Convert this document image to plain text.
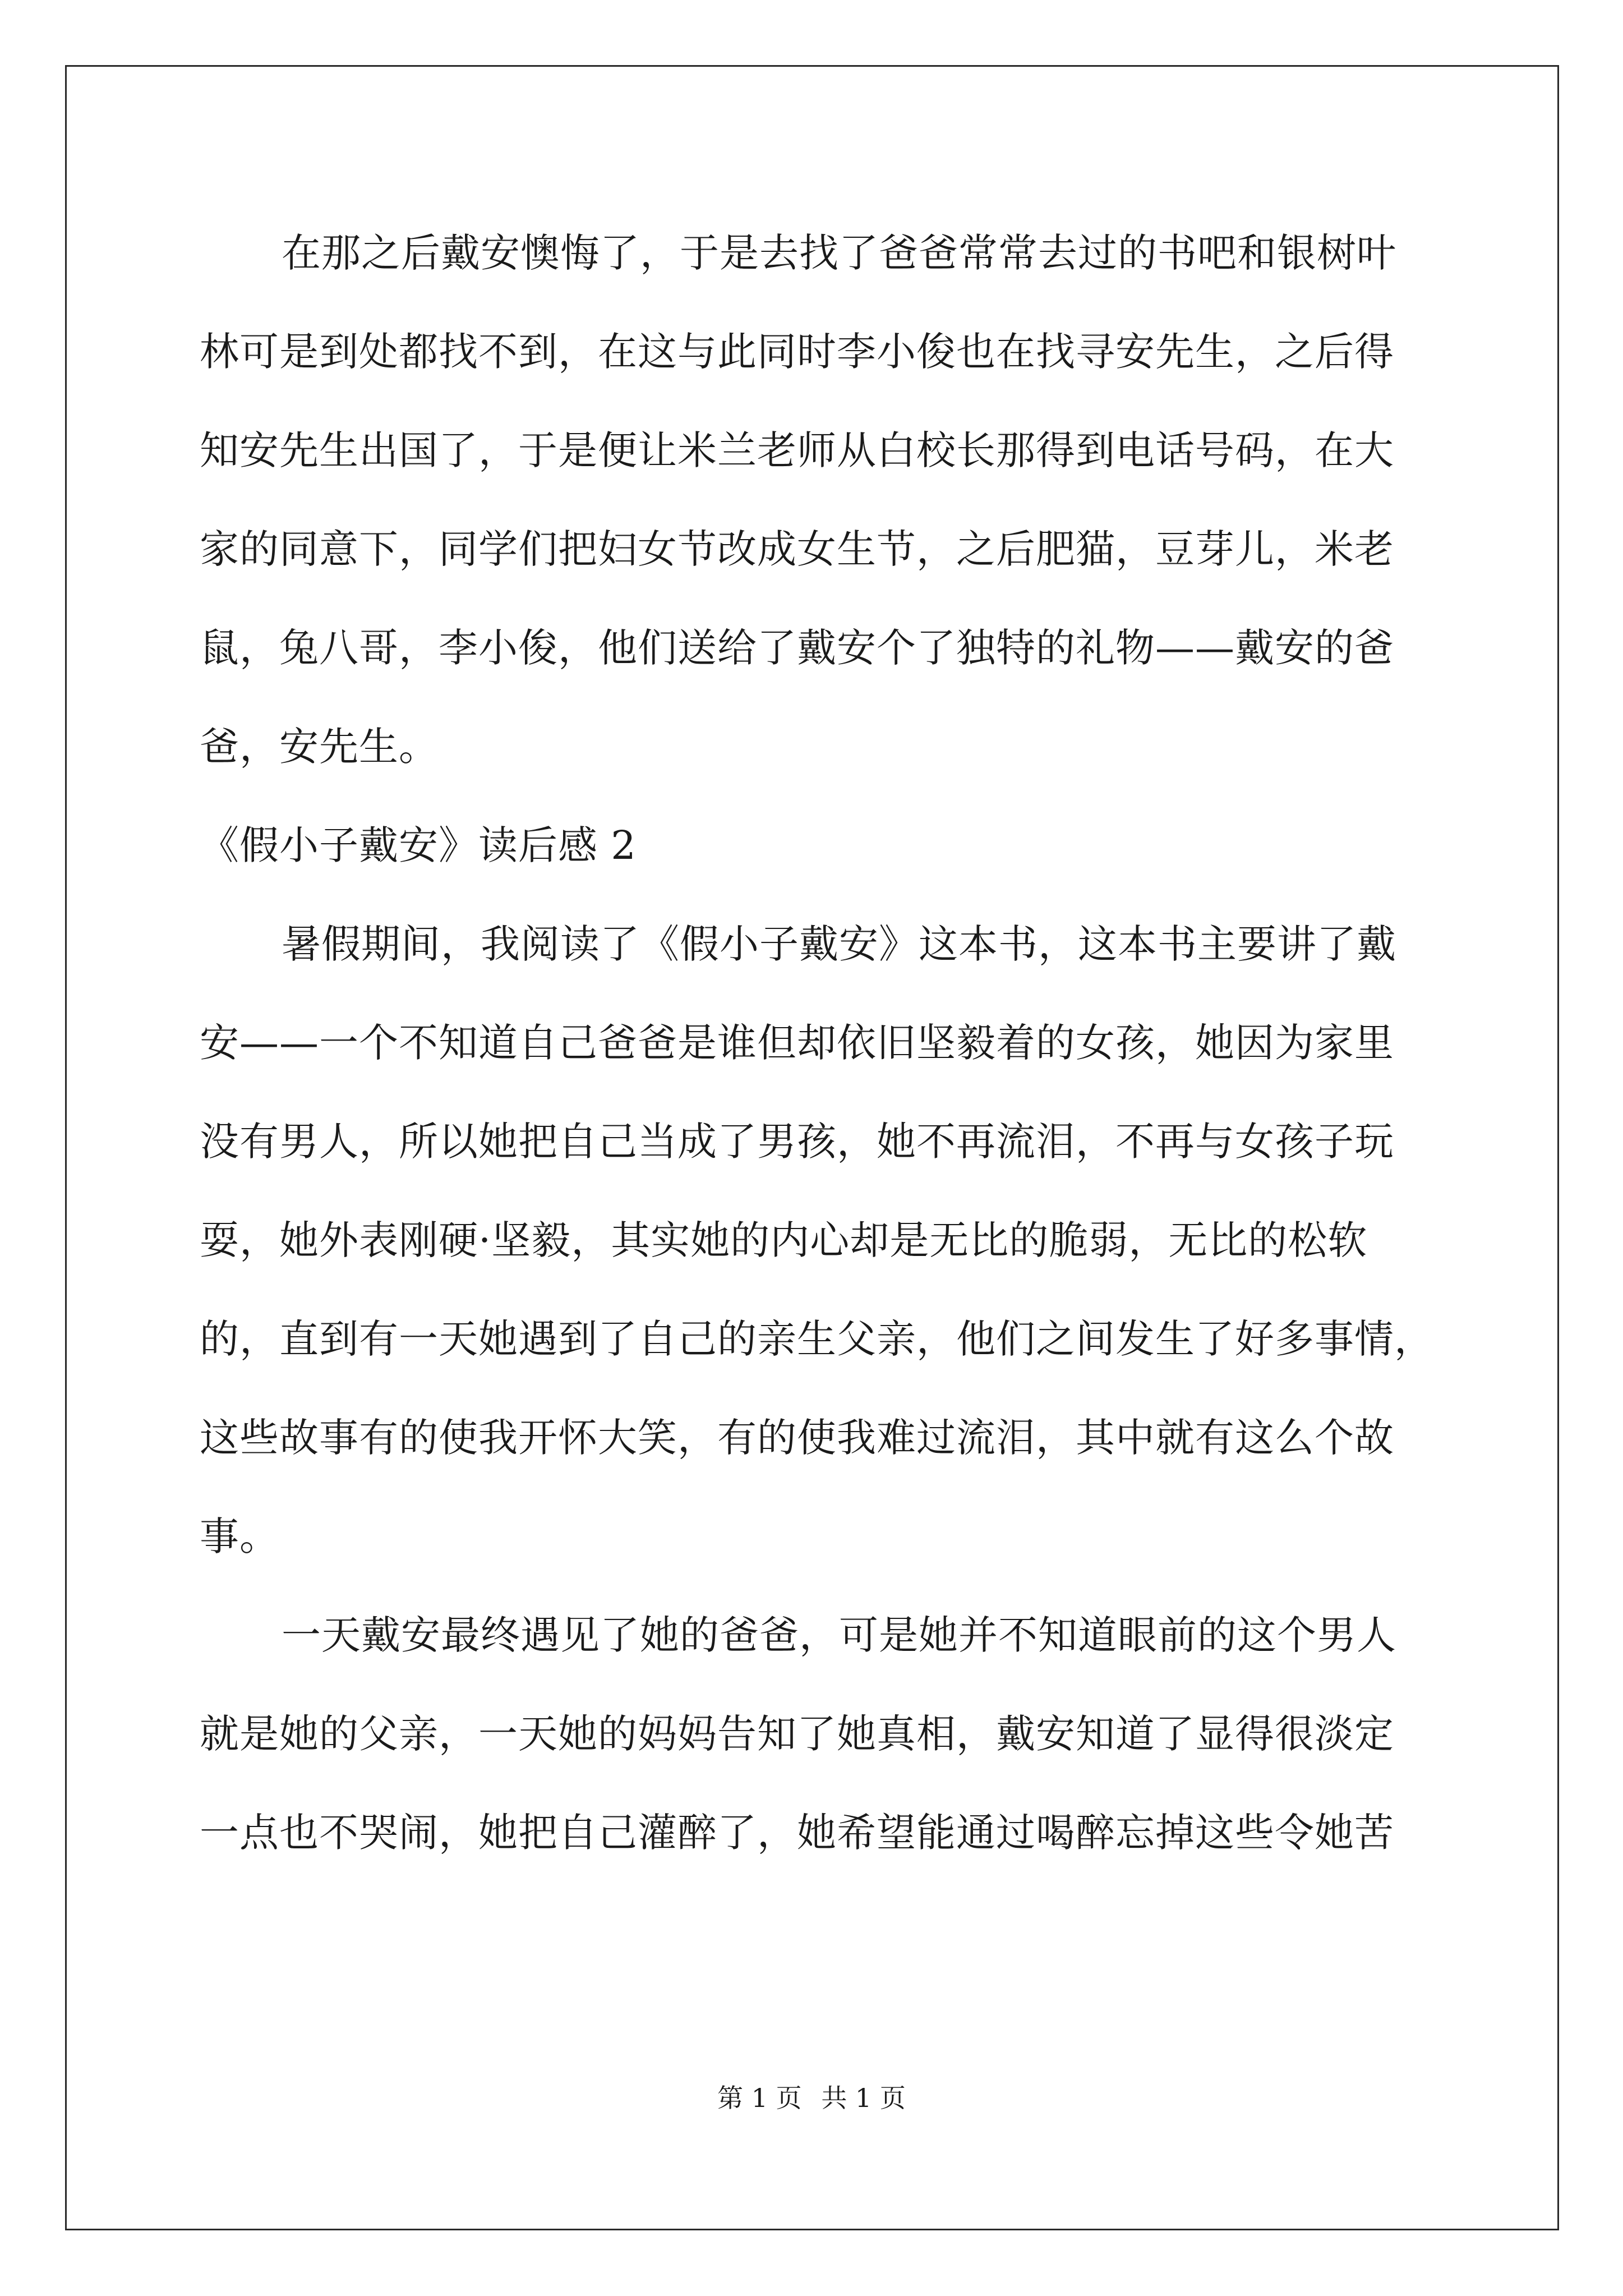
在那之后戴安懊悔了，于是去找了爸爸常常去过的书吧和银树叶
林可是到处都找不到，在这与此同时李小俊也在找寻安先生，之后得
知安先生出国了，于是便让米兰老师从白校长那得到电话号码，在大
家的同意下，同学们把妇女节改成女生节，之后肥猫，豆芽儿，米老
鼠，兔八哥，李小俊，他们送给了戴安个了独特的礼物——戴安的爸
爸，安先生。
《假小子戴安》读后感 2
暑假期间，我阅读了《假小子戴安》这本书，这本书主要讲了戴
安——一个不知道自己爸爸是谁但却依旧坚毅着的女孩，她因为家里
没有男人，所以她把自己当成了男孩，她不再流泪，不再与女孩子玩
耍，她外表刚硬·坚毅，其实她的内心却是无比的脆弱，无比的松软
的，直到有一天她遇到了自己的亲生父亲，他们之间发生了好多事情，
这些故事有的使我开怀大笑，有的使我难过流泪，其中就有这么个故
事。
一天戴安最终遇见了她的爸爸，可是她并不知道眼前的这个男人
就是她的父亲，一天她的妈妈告知了她真相，戴安知道了显得很淡定
一点也不哭闹，她把自己灌醉了，她希望能通过喝醉忘掉这些令她苦
第 1 页 共 1 页
